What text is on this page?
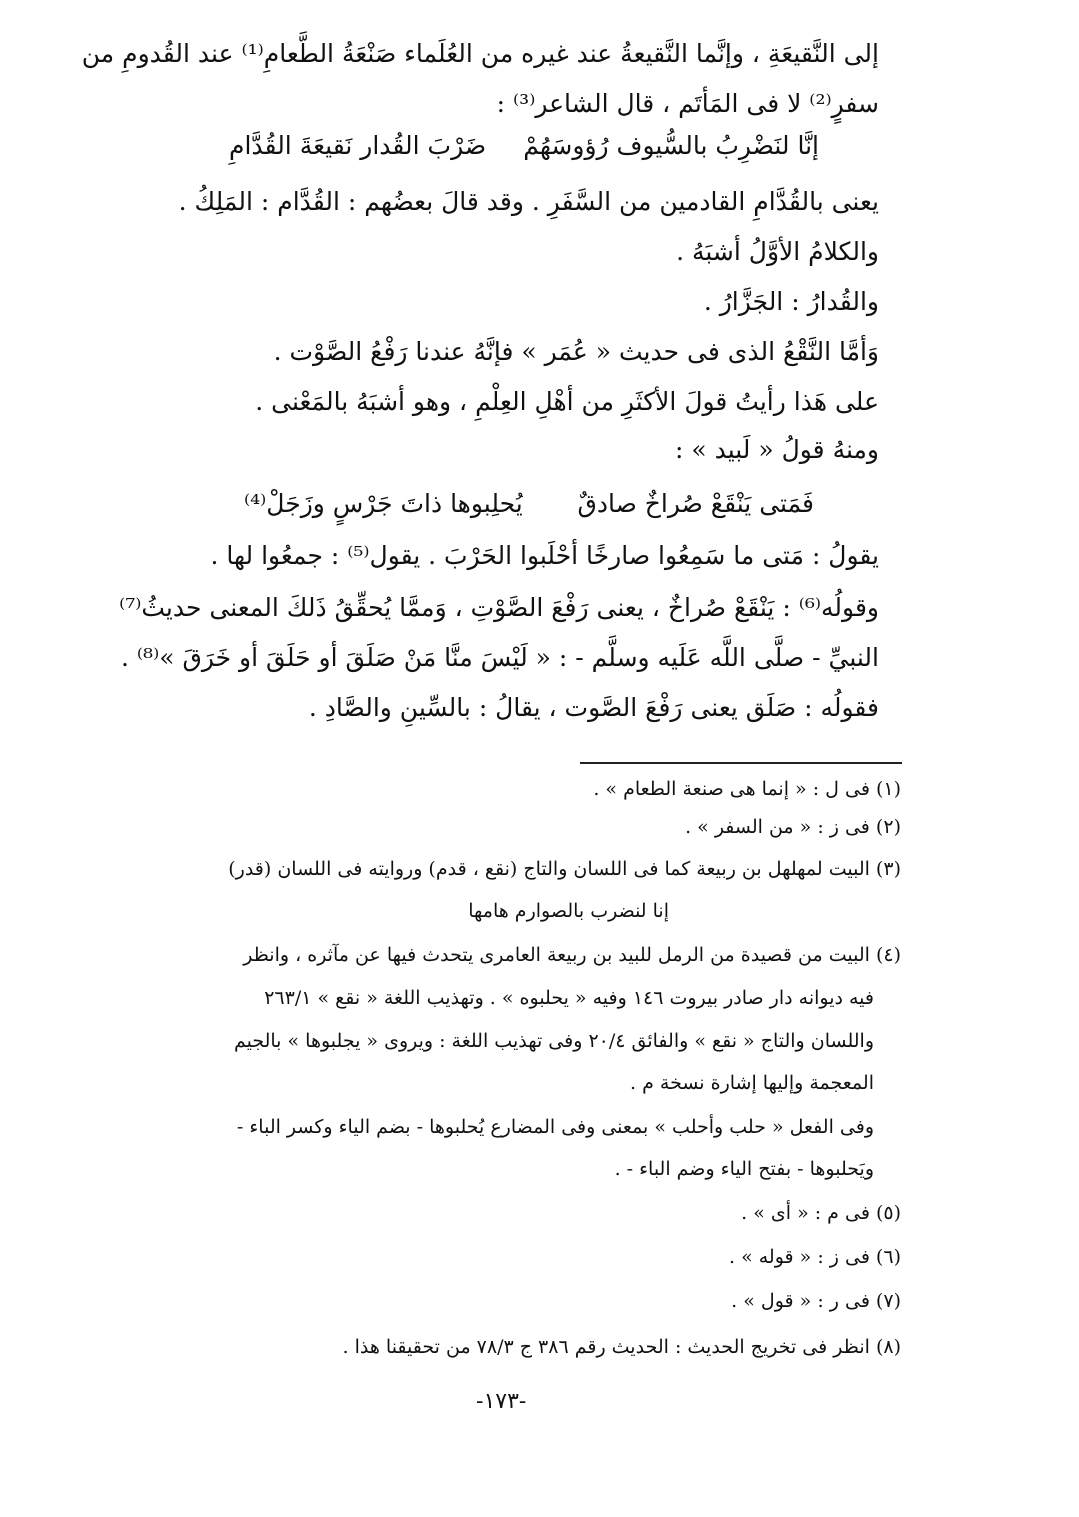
إلى النَّقيعَةِ ، وإنَّما النَّقيعةُ عند غيره من العُلَماء صَنْعَةُ الطَّعامِ⁽¹⁾ عند القُدومِ من
سفرٍ⁽²⁾ لا فى المَأتَم ، قال الشاعر⁽³⁾ :
إنَّا لنَضْرِبُ بالسُّيوف رُؤوسَهُمْ
ضَرْبَ القُدار نَقيعَةَ القُدَّامِ
يعنى بالقُدَّامِ القادمين من السَّفَرِ . وقد قالَ بعضُهم : القُدَّام : المَلِكُ .
والكلامُ الأوَّلُ أشبَهُ .
والقُدارُ : الجَزَّارُ .
وَأمَّا النَّقْعُ الذى فى حديث « عُمَر » فإنَّهُ عندنا رَفْعُ الصَّوْت .
على هَذا رأيتُ قولَ الأكثَرِ من أهْلِ العِلْمِ ، وهو أشبَهُ بالمَعْنى .
ومنهُ قولُ « لَبيد » :
فَمَتى يَنْقَعْ صُراخٌ صادقٌ
يُحلِبوها ذاتَ جَرْسٍ وزَجَلْ⁽⁴⁾
يقولُ : مَتى ما سَمِعُوا صارخًا أحْلَبوا الحَرْبَ . يقول⁽⁵⁾ : جمعُوا لها .
وقولُه⁽⁶⁾ : يَنْقَعْ صُراخٌ ، يعنى رَفْعَ الصَّوْتِ ، وَممَّا يُحقِّقُ ذَلكَ المعنى حديثُ⁽⁷⁾
النبيِّ - صلَّى اللَّه عَلَيه وسلَّم - : « لَيْسَ منَّا مَنْ صَلَقَ أو حَلَقَ أو خَرَقَ »⁽⁸⁾ .
فقولُه : صَلَق يعنى رَفْعَ الصَّوت ، يقالُ : بالسِّينِ والصَّادِ .
(١) فى ل : « إنما هى صنعة الطعام » .
(٢) فى ز : « من السفر » .
(٣) البيت لمهلهل بن ربيعة كما فى اللسان والتاج (نقع ، قدم) وروايته فى اللسان (قدر)
إنا لنضرب بالصوارم هامها
(٤) البيت من قصيدة من الرمل للبيد بن ربيعة العامرى يتحدث فيها عن مآثره ، وانظر
فيه ديوانه دار صادر بيروت ١٤٦ وفيه « يحلبوه » . وتهذيب اللغة « نقع » ٢٦٣/١
واللسان والتاج « نقع » والفائق ٢٠/٤ وفى تهذيب اللغة : ويروى « يجلبوها » بالجيم
المعجمة وإليها إشارة نسخة م .
وفى الفعل « حلب وأحلب » بمعنى وفى المضارع يُحلبوها - بضم الياء وكسر الباء -
ويَحلبوها - بفتح الياء وضم الباء - .
(٥) فى م : « أى » .
(٦) فى ز : « قوله » .
(٧) فى ر : « قول » .
(٨) انظر فى تخريج الحديث : الحديث رقم ٣٨٦ ج ٧٨/٣ من تحقيقنا هذا .
-١٧٣-
